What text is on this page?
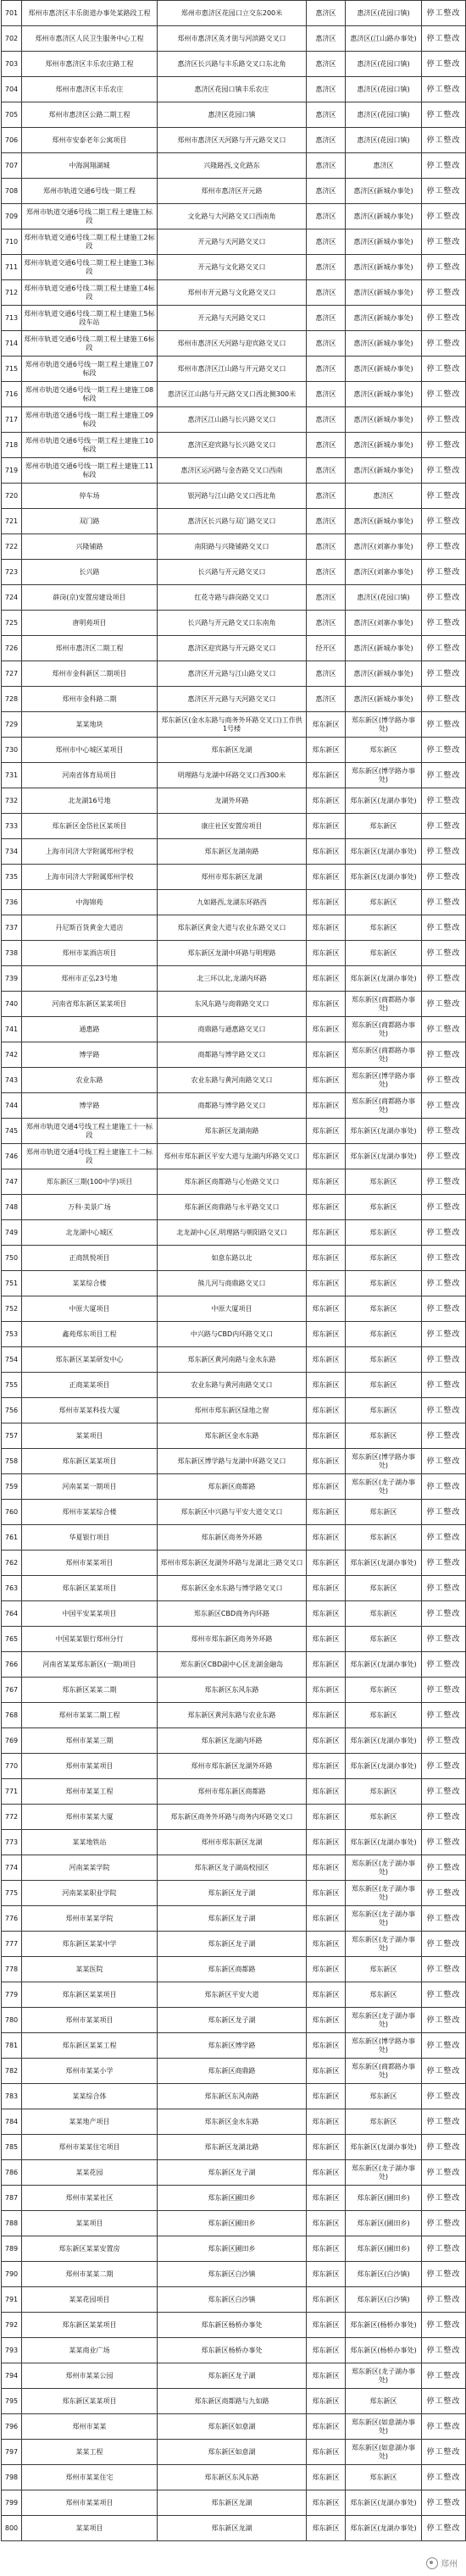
701	郑州市惠济区丰乐街道办事处某路段工程	郑州市惠济区花园口立交东200米	惠济区	惠济区(花园口镇)	停工整改
702	郑州市惠济区人民卫生服务中心工程	郑州市惠济区英才街与河滨路交叉口	惠济区	惠济区(江山路办事处)	停工整改
703	郑州市惠济区丰乐农庄路工程	惠济区长兴路与丰乐路交叉口东北角	惠济区	惠济区(花园口镇)	停工整改
704	郑州市惠济区丰乐农庄	惠济区花园口镇丰乐农庄	惠济区	惠济区(花园口镇)	停工整改
705	郑州市惠济区公路二期工程	惠济区花园口镇	惠济区	惠济区(花园口镇)	停工整改
706	郑州市安泰老年公寓项目	郑州市惠济区天河路与开元路交叉口	惠济区	惠济区(花园口镇)	停工整改
707	中海润翔湖城	兴隆路西,文化路东	惠济区	惠济区	停工整改
708	郑州市轨道交通6号线一期工程	郑州市惠济区开元路	惠济区	惠济区(新城办事处)	停工整改
709	郑州市轨道交通6号线二期工程土建施工标段	文化路与大河路交叉口西南角	惠济区	惠济区(新城办事处)	停工整改
710	郑州市轨道交通6号线二期工程土建施工2标段	开元路与天河路交叉口	惠济区	惠济区(新城办事处)	停工整改
711	郑州市轨道交通6号线二期工程土建施工3标段	开元路与文化路交叉口	惠济区	惠济区(新城办事处)	停工整改
712	郑州市轨道交通6号线二期工程土建施工4标段	郑州市开元路与文化路交叉口	惠济区	惠济区(新城办事处)	停工整改
713	郑州市轨道交通6号线二期工程土建施工5标段车站	开元路与天河路交叉口	惠济区	惠济区(新城办事处)	停工整改
714	郑州市轨道交通6号线二期工程土建施工6标段	郑州市惠济区天河路与迎宾路交叉口	惠济区	惠济区(新城办事处)	停工整改
715	郑州市轨道交通6号线一期工程土建施工07标段	郑州市惠济区江山路与开元路交叉口	惠济区	惠济区(新城办事处)	停工整改
716	郑州市轨道交通6号线一期工程土建施工08标段	惠济区江山路与开元路交叉口西北侧300米	惠济区	惠济区(新城办事处)	停工整改
717	郑州市轨道交通6号线一期工程土建施工09标段	惠济区江山路与长兴路交叉口	惠济区	惠济区(新城办事处)	停工整改
718	郑州市轨道交通6号线一期工程土建施工10标段	惠济区迎宾路与长兴路交叉口	惠济区	惠济区(新城办事处)	停工整改
719	郑州市轨道交通6号线一期工程土建施工11标段	惠济区运河路与金杏路交叉口西南	惠济区	惠济区(新城办事处)	停工整改
720	停车场	银河路与江山路交叉口西北角	惠济区	惠济区	停工整改
721	双门路	惠济区长兴路与双门路交叉口	惠济区	惠济区(新城办事处)	停工整改
722	兴隆铺路	南阳路与兴隆铺路交叉口	惠济区	惠济区(刘寨办事处)	停工整改
723	长兴路	长兴路与开元路交叉口	惠济区	惠济区(刘寨办事处)	停工整改
724	薛岗(京)安置房建设项目	红花寺路与薛岗路交叉口	惠济区	惠济区(花园口镇)	停工整改
725	唐明苑项目	长兴路与开元路交叉口东南角	惠济区	惠济区(刘寨办事处)	停工整改
726	郑州市惠济区二期工程	惠济区迎宾路与开元路交叉口	经开区	惠济区(新城办事处)	停工整改
727	郑州市金科新区二期项目	惠济区开元路与江山路交叉口	惠济区	惠济区(新城办事处)	停工整改
728	郑州市金科路二期	惠济区开元路与天河路交叉口	惠济区	惠济区(新城办事处)	停工整改
729	某某地块	郑东新区(金水东路与商务外环路交叉口)工作供1号楼	郑东新区	郑东新区(博学路办事处)	停工整改
730	郑州市中心城区某项目	郑东新区龙湖	郑东新区	郑东新区	停工整改
731	河南省体育局项目	明理路与龙湖中环路交叉口西300米	郑东新区	郑东新区(博学路办事处)	停工整改
732	北龙湖16号地	龙湖外环路	郑东新区	郑东新区(龙湖办事处)	停工整改
733	郑东新区金岱社区某项目	康庄社区安置房项目	郑东新区	郑东新区	停工整改
734	上海市同济大学附属郑州学校	郑东新区龙湖南路	郑东新区	郑东新区(龙湖办事处)	停工整改
735	上海市同济大学附属郑州学校	郑州市郑东新区龙湖	郑东新区	郑东新区(龙湖办事处)	停工整改
736	中海锦苑	九如路西,龙湖东环路西	郑东新区	郑东新区	停工整改
737	丹尼斯百货黄金大道店	郑东新区黄金大道与农业东路交叉口	郑东新区	郑东新区	停工整改
738	郑州市某酒店项目	郑东新区龙湖中环路与明理路	郑东新区	郑东新区	停工整改
739	郑州市正弘23号地	北三环以北,龙湖内环路	郑东新区	郑东新区(龙湖办事处)	停工整改
740	河南省郑东新区某某项目	东风东路与商鼎路交叉口	郑东新区	郑东新区(商都路办事处)	停工整改
741	通惠路	商鼎路与通惠路交叉口	郑东新区	郑东新区(商都路办事处)	停工整改
742	博学路	商都路与博学路交叉口	郑东新区	郑东新区(商都路办事处)	停工整改
743	农业东路	农业东路与黄河南路交叉口	郑东新区	郑东新区(博学路办事处)	停工整改
744	博学路	商都路与博学路交叉口	郑东新区	郑东新区(商都路办事处)	停工整改
745	郑州市轨道交通4号线工程土建施工十一标段	郑东新区龙湖南路	郑东新区	郑东新区(龙湖办事处)	停工整改
746	郑州市轨道交通4号线工程土建施工十二标段	郑州市郑东新区平安大道与龙湖内环路交叉口	郑东新区	郑东新区(龙湖办事处)	停工整改
747	郑东新区三期(100中学)项目	郑东新区商都路与心怡路交叉口	郑东新区	郑东新区	停工整改
748	万科·美景广场	郑东新区商鼎路与永平路交叉口	郑东新区	郑东新区	停工整改
749	北龙湖中心城区	北龙湖中心区,明理路与朝阳路交叉口	郑东新区	郑东新区	停工整改
750	正商凯悦项目	如意东路以北	郑东新区	郑东新区	停工整改
751	某某综合楼	熊儿河与商鼎路交叉口	郑东新区	郑东新区	停工整改
752	中原大厦项目	中原大厦项目	郑东新区	郑东新区	停工整改
753	鑫苑郑东项目工程	中兴路与CBD内环路交叉口	郑东新区	郑东新区	停工整改
754	郑东新区某某研发中心	郑东新区黄河南路与金水东路	郑东新区	郑东新区	停工整改
755	正商某某项目	农业东路与黄河南路交叉口	郑东新区	郑东新区	停工整改
756	郑州市某某科技大厦	郑州市郑东新区绿地之窗	郑东新区	郑东新区	停工整改
757	某某项目	郑东新区金水东路	郑东新区	郑东新区	停工整改
758	郑东新区某某项目	郑东新区博学路与龙湖中环路交叉口	郑东新区	郑东新区(博学路办事处)	停工整改
759	河南某某一期项目	郑东新区商都路	郑东新区	郑东新区(龙子湖办事处)	停工整改
760	郑州市某某综合楼	郑东新区中兴路与平安大道交叉口	郑东新区	郑东新区	停工整改
761	华夏银行项目	郑东新区商务外环路	郑东新区	郑东新区	停工整改
762	郑州市某某项目	郑州市郑东新区龙湖外环路与龙湖北三路交叉口	郑东新区	郑东新区(龙湖办事处)	停工整改
763	郑东新区某某项目	郑东新区金水东路与博学路交叉口	郑东新区	郑东新区	停工整改
764	中国平安某某项目	郑东新区CBD商务内环路	郑东新区	郑东新区	停工整改
765	中国某某银行郑州分行	郑州市郑东新区商务外环路	郑东新区	郑东新区	停工整改
766	河南省某某郑东新区(一期)项目	郑东新区CBD副中心区龙湖金融岛	郑东新区	郑东新区(龙湖办事处)	停工整改
767	郑东新区某某二期	郑东新区东风东路	郑东新区	郑东新区	停工整改
768	郑州市某某二期工程	郑东新区黄河东路与农业东路	郑东新区	郑东新区	停工整改
769	郑州市某某三期	郑东新区龙湖内环路	郑东新区	郑东新区(龙湖办事处)	停工整改
770	郑州市某某项目	郑州市郑东新区龙湖外环路	郑东新区	郑东新区(龙湖办事处)	停工整改
771	郑州市某某工程	郑州市郑东新区商都路	郑东新区	郑东新区	停工整改
772	郑州市某某大厦	郑东新区商务外环路与商务内环路交叉口	郑东新区	郑东新区	停工整改
773	某某地铁站	郑州市郑东新区龙湖	郑东新区	郑东新区(龙湖办事处)	停工整改
774	河南某某学院	郑东新区龙子湖高校园区	郑东新区	郑东新区(龙子湖办事处)	停工整改
775	河南某某职业学院	郑东新区龙子湖	郑东新区	郑东新区(龙子湖办事处)	停工整改
776	郑州市某某学院	郑东新区龙子湖	郑东新区	郑东新区(龙子湖办事处)	停工整改
777	郑东新区某某中学	郑东新区龙子湖	郑东新区	郑东新区(龙子湖办事处)	停工整改
778	某某医院	郑东新区商都路	郑东新区	郑东新区	停工整改
779	郑东新区某某项目	郑东新区平安大道	郑东新区	郑东新区	停工整改
780	郑州市某某项目	郑东新区龙子湖	郑东新区	郑东新区(龙子湖办事处)	停工整改
781	郑东新区某某工程	郑东新区博学路	郑东新区	郑东新区(博学路办事处)	停工整改
782	郑州市某某小学	郑东新区商鼎路	郑东新区	郑东新区(商都路办事处)	停工整改
783	某某综合体	郑东新区东风南路	郑东新区	郑东新区	停工整改
784	某某地产项目	郑东新区金水东路	郑东新区	郑东新区	停工整改
785	郑州市某某住宅项目	郑东新区龙湖北路	郑东新区	郑东新区(龙湖办事处)	停工整改
786	某某花园	郑东新区龙子湖	郑东新区	郑东新区(龙子湖办事处)	停工整改
787	郑州市某某社区	郑东新区圃田乡	郑东新区	郑东新区(圃田乡)	停工整改
788	某某项目	郑东新区圃田乡	郑东新区	郑东新区(圃田乡)	停工整改
789	郑东新区某某安置房	郑东新区圃田乡	郑东新区	郑东新区(圃田乡)	停工整改
790	郑州市某某二期	郑东新区白沙镇	郑东新区	郑东新区(白沙镇)	停工整改
791	某某花园项目	郑东新区白沙镇	郑东新区	郑东新区(白沙镇)	停工整改
792	郑东新区某某项目	郑东新区杨桥办事处	郑东新区	郑东新区(杨桥办事处)	停工整改
793	某某商业广场	郑东新区杨桥办事处	郑东新区	郑东新区(杨桥办事处)	停工整改
794	郑州市某某公园	郑东新区龙子湖	郑东新区	郑东新区(龙子湖办事处)	停工整改
795	郑东新区某某项目	郑东新区商都路与九如路	郑东新区	郑东新区	停工整改
796	郑州市某某	郑东新区如意湖	郑东新区	郑东新区(如意湖办事处)	停工整改
797	某某工程	郑东新区如意湖	郑东新区	郑东新区(如意湖办事处)	停工整改
798	郑州市某某住宅	郑东新区东风东路	郑东新区	郑东新区	停工整改
799	郑州市某某项目	郑东新区龙湖	郑东新区	郑东新区(龙湖办事处)	停工整改
800	某某项目	郑东新区龙湖	郑东新区	郑东新区(龙湖办事处)	停工整改
郑州
